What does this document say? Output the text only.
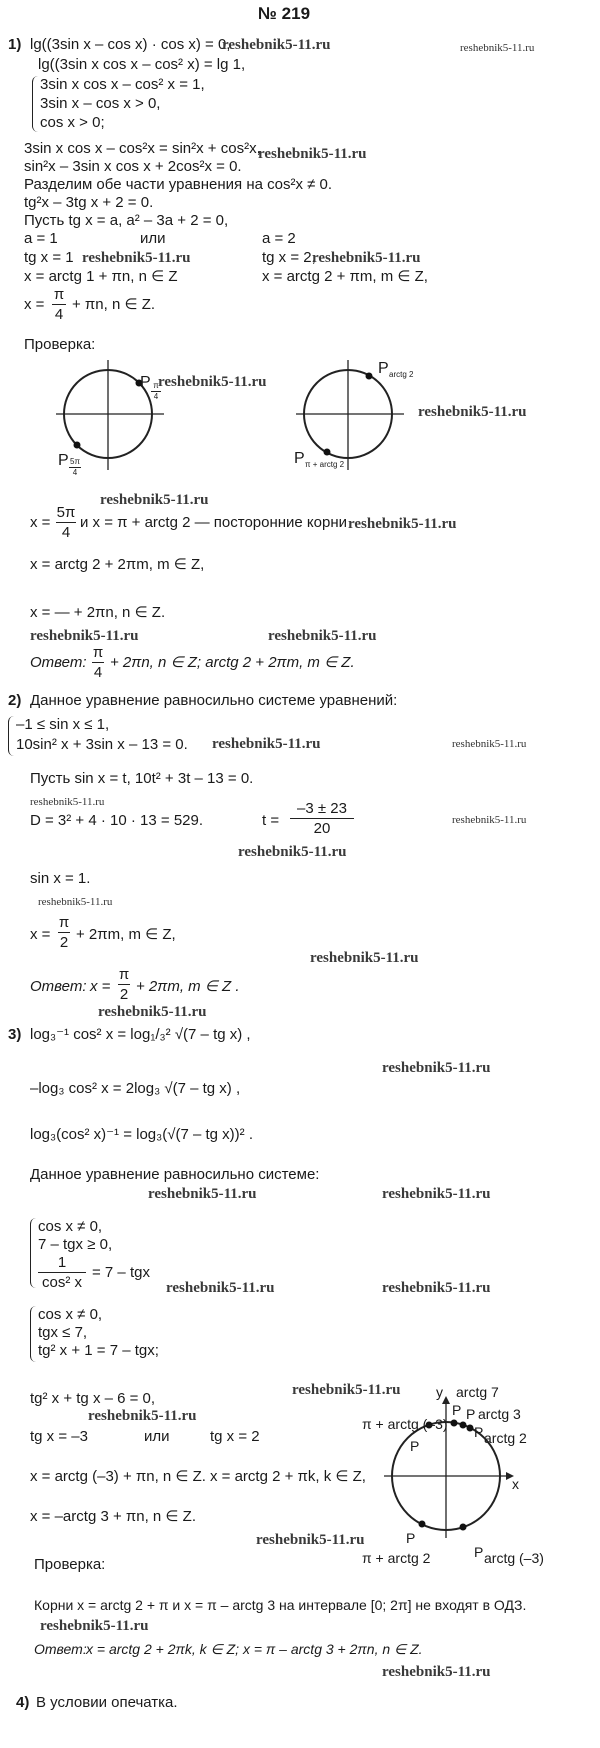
№ 219
1) lg((3sin x – cos x) · cos x) = 0,
reshebnik5-11.ru	reshebnik5-11.ru
lg((3sin x cos x – cos² x) = lg 1,
3sin x cos x – cos² x = 1,
3sin x – cos x > 0,
cos x > 0;
3sin x cos x – cos²x = sin²x + cos²x,
reshebnik5-11.ru
sin²x – 3sin x cos x + 2cos²x = 0.
Разделим обе части уравнения на cos²x ≠ 0.
tg²x – 3tg x + 2 = 0.
Пусть tg x = a, a² – 3a + 2 = 0,
a = 1	или	a = 2
tg x = 1 reshebnik5-11.ru	tg x = 2,
reshebnik5-11.ru
x = arctg 1 + πn, n ∈ Z	x = arctg 2 + πm, m ∈ Z,
x =
π
4
+ πn, n ∈ Z.
Проверка:
P π
4
P 5π
4
reshebnik5-11.ru
P arctg 2
P π + arctg 2
reshebnik5-11.ru
reshebnik5-11.ru
x =
5π
4
и x = π + arctg 2 — посторонние корни reshebnik5-11.ru
x = arctg 2 + 2πm, m ∈ Z,
x = — + 2πn, n ∈ Z.
reshebnik5-11.ru	reshebnik5-11.ru
Ответ:
π
4
+ 2πn, n ∈ Z; arctg 2 + 2πm, m ∈ Z.
2) Данное уравнение равносильно системе уравнений:
–1 ≤ sin x ≤ 1,
10sin² x + 3sin x – 13 = 0. reshebnik5-11.ru	reshebnik5-11.ru
Пусть sin x = t, 10t² + 3t – 13 = 0.
reshebnik5-11.ru
D = 3² + 4 · 10 · 13 = 529.	t =
–3 ± 23
20	reshebnik5-11.ru
reshebnik5-11.ru
sin x = 1.
reshebnik5-11.ru
x =
π
2 + 2πm, m ∈ Z,
reshebnik5-11.ru
Ответ: x =
π
2 + 2πm, m ∈ Z .
reshebnik5-11.ru
3) log₃⁻¹ cos² x = log₁/₃² √(7 – tg x) ,
reshebnik5-11.ru
–log₃ cos² x = 2log₃ √(7 – tg x) ,
log₃(cos² x)⁻¹ = log₃(√(7 – tg x))² .
Данное уравнение равносильно системе:
reshebnik5-11.ru	reshebnik5-11.ru
cos x ≠ 0,
7 – tgx ≥ 0,
1
cos² x
= 7 – tgx
reshebnik5-11.ru	reshebnik5-11.ru
cos x ≠ 0,
tgx ≤ 7,
tg² x + 1 = 7 – tgx;
tg² x + tg x – 6 = 0,	reshebnik5-11.ru
reshebnik5-11.ru
tg x = –3	или	tg x = 2
x = arctg (–3) + πn, n ∈ Z. x = arctg 2 + πk, k ∈ Z,
x = –arctg 3 + πn, n ∈ Z.
y
x
arctg 7
P P arctg 3
P arctg 2
π + arctg (–3)
P
P
π + arctg 2	P arctg (–3)
reshebnik5-11.ru
Проверка:
Корни x = arctg 2 + π и x = π – arctg 3 на интервале [0; 2π] не входят в ОДЗ.
reshebnik5-11.ru
Ответ: x = arctg 2 + 2πk, k ∈ Z; x = π – arctg 3 + 2πn, n ∈ Z.
reshebnik5-11.ru
4) В условии опечатка.
